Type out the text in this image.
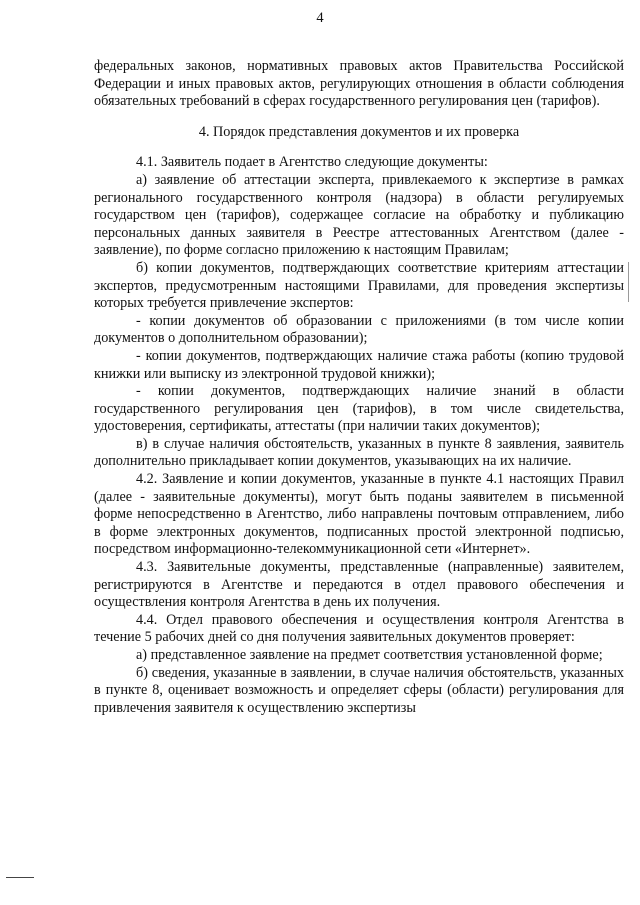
4

федеральных законов, нормативных правовых актов Правительства Российской Федерации и иных правовых актов, регулирующих отношения в области соблюдения обязательных требований в сферах государственного регулирования цен (тарифов).

4. Порядок представления документов и их проверка

4.1. Заявитель подает в Агентство следующие документы:

а) заявление об аттестации эксперта, привлекаемого к экспертизе в рамках регионального государственного контроля (надзора) в области регулируемых государством цен (тарифов), содержащее согласие на обработку и публикацию персональных данных заявителя в Реестре аттестованных Агентством (далее - заявление), по форме согласно приложению к настоящим Правилам;

б) копии документов, подтверждающих соответствие критериям аттестации экспертов, предусмотренным настоящими Правилами, для проведения экспертизы которых требуется привлечение экспертов:

- копии документов об образовании с приложениями (в том числе копии документов о дополнительном образовании);

- копии документов, подтверждающих наличие стажа работы (копию трудовой книжки или выписку из электронной трудовой книжки);

- копии документов, подтверждающих наличие знаний в области государственного регулирования цен (тарифов), в том числе свидетельства, удостоверения, сертификаты, аттестаты (при наличии таких документов);

в) в случае наличия обстоятельств, указанных в пункте 8 заявления, заявитель дополнительно прикладывает копии документов, указывающих на их наличие.

4.2. Заявление и копии документов, указанные в пункте 4.1 настоящих Правил (далее - заявительные документы), могут быть поданы заявителем в письменной форме непосредственно в Агентство, либо направлены почтовым отправлением, либо в форме электронных документов, подписанных простой электронной подписью, посредством информационно-телекоммуникационной сети «Интернет».

4.3. Заявительные документы, представленные (направленные) заявителем, регистрируются в Агентстве и передаются в отдел правового обеспечения и осуществления контроля Агентства в день их получения.

4.4. Отдел правового обеспечения и осуществления контроля Агентства в течение 5 рабочих дней со дня получения заявительных документов проверяет:

а) представленное заявление на предмет соответствия установленной форме;

б) сведения, указанные в заявлении, в случае наличия обстоятельств, указанных в пункте 8, оценивает возможность и определяет сферы (области) регулирования для привлечения заявителя к осуществлению экспертизы
